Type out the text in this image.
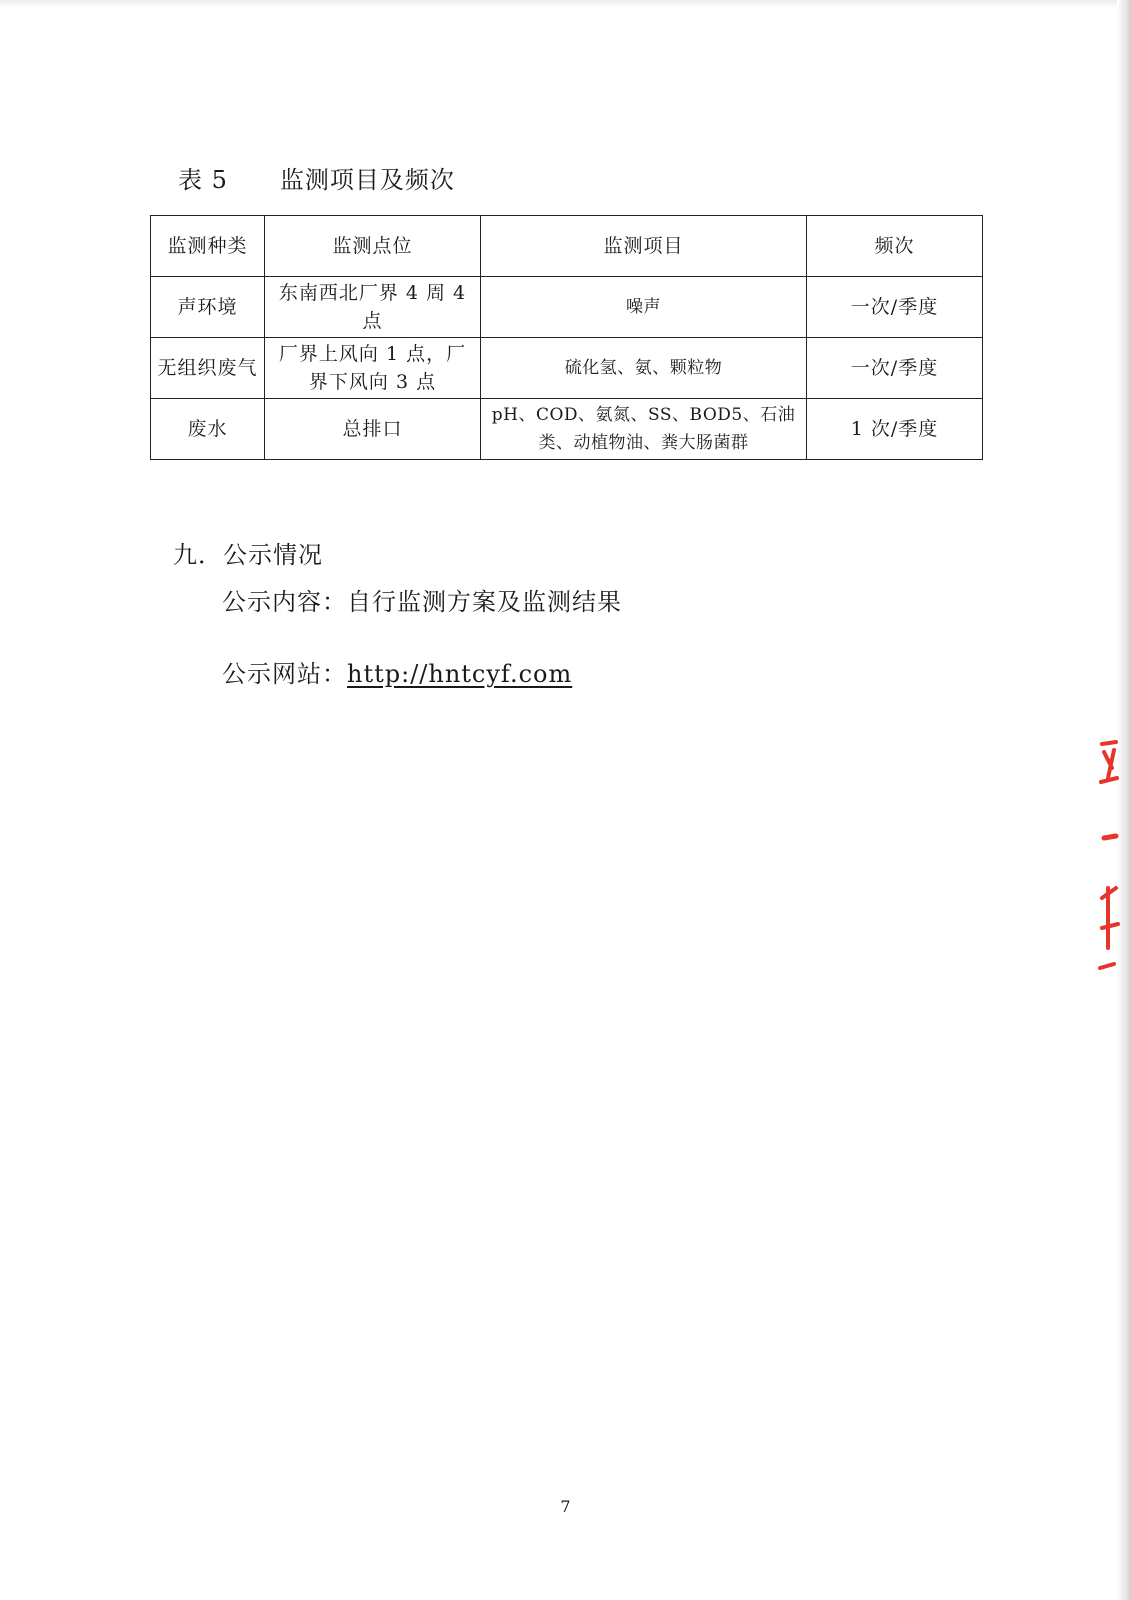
表 5 监测项目及频次
监测种类	监测点位	监测项目	频次
声环境	东南西北厂界 4 周 4 点	噪声	一次/季度
无组织废气	厂界上风向 1 点，厂界下风向 3 点	硫化氢、氨、颗粒物	一次/季度
废水	总排口	pH、COD、氨氮、SS、BOD5、石油类、动植物油、粪大肠菌群	1 次/季度
九．公示情况
公示内容：自行监测方案及监测结果
公示网站：http://hntcyf.com
7
